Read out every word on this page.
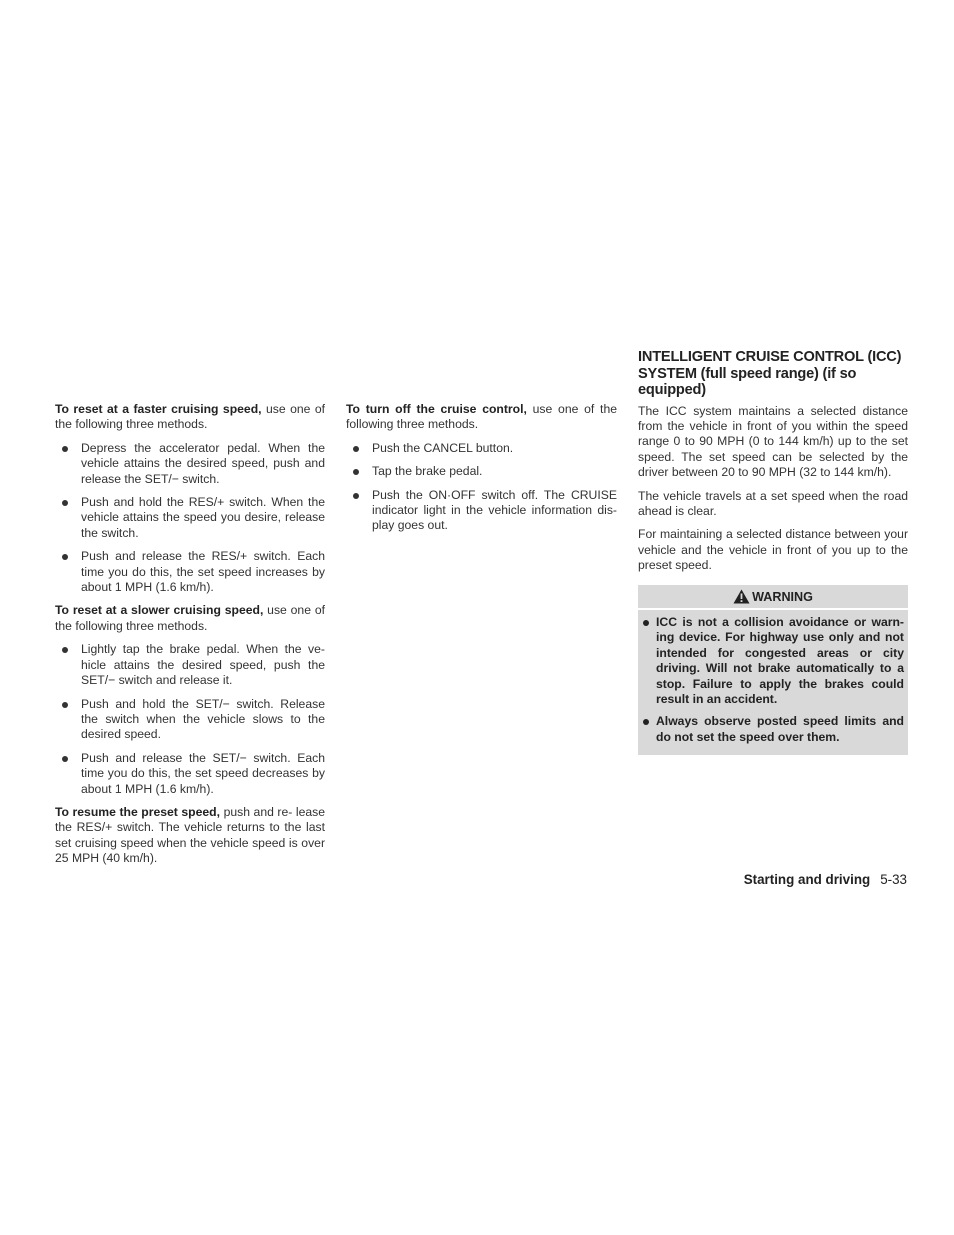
To reset at a faster cruising speed, use one of the following three methods.

Depress the accelerator pedal. When the vehicle attains the desired speed, push and release the SET/− switch.
Push and hold the RES/+ switch. When the vehicle attains the speed you desire, release the switch.
Push and release the RES/+ switch. Each time you do this, the set speed increases by about 1 MPH (1.6 km/h).

To reset at a slower cruising speed, use one of the following three methods.

Lightly tap the brake pedal. When the ve- hicle attains the desired speed, push the SET/− switch and release it.
Push and hold the SET/− switch. Release the switch when the vehicle slows to the desired speed.
Push and release the SET/− switch. Each time you do this, the set speed decreases by about 1 MPH (1.6 km/h).

To resume the preset speed, push and re- lease the RES/+ switch. The vehicle returns to the last set cruising speed when the vehicle speed is over 25 MPH (40 km/h).

To turn off the cruise control, use one of the following three methods.

Push the CANCEL button.
Tap the brake pedal.
Push the ON·OFF switch off. The CRUISE indicator light in the vehicle information dis- play goes out.
INTELLIGENT CRUISE CONTROL (ICC) SYSTEM (full speed range) (if so equipped)

The ICC system maintains a selected distance from the vehicle in front of you within the speed range 0 to 90 MPH (0 to 144 km/h) up to the set speed. The set speed can be selected by the driver between 20 to 90 MPH (32 to 144 km/h).

The vehicle travels at a set speed when the road ahead is clear.

For maintaining a selected distance between your vehicle and the vehicle in front of you up to the preset speed.

WARNING
ICC is not a collision avoidance or warn- ing device. For highway use only and not intended for congested areas or city driving. Will not brake automatically to a stop. Failure to apply the brakes could result in an accident.
Always observe posted speed limits and do not set the speed over them.
Starting and driving 5-33
